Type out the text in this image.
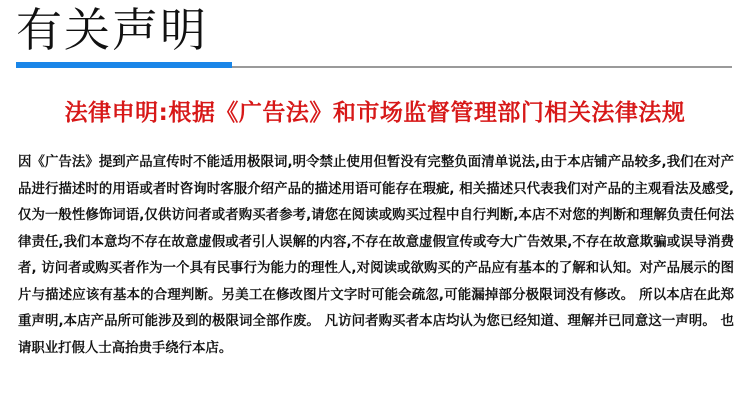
有关声明
法律申明:根据《广告法》和市场监督管理部门相关法律法规
因《广告法》提到产品宣传时不能适用极限词,明令禁止使用但暂没有完整负面清单说法,由于本店铺产品较多,我们在对产品进行描述时的用语或者时咨询时客服介绍产品的描述用语可能存在瑕疵, 相关描述只代表我们对产品的主观看法及感受,仅为一般性修饰词语,仅供访问者或者购买者参考,请您在阅读或购买过程中自行判断,本店不对您的判断和理解负责任何法律责任,我们本意均不存在故意虚假或者引人误解的内容,不存在故意虚假宣传或夸大广告效果,不存在故意欺骗或误导消费者, 访问者或购买者作为一个具有民事行为能力的理性人,对阅读或欲购买的产品应有基本的了解和认知。对产品展示的图片与描述应该有基本的合理判断。另美工在修改图片文字时可能会疏忽,可能漏掉部分极限词没有修改。 所以本店在此郑重声明,本店产品所可能涉及到的极限词全部作废。 凡访问者购买者本店均认为您已经知道、理解并已同意这一声明。 也请职业打假人士高抬贵手绕行本店。
